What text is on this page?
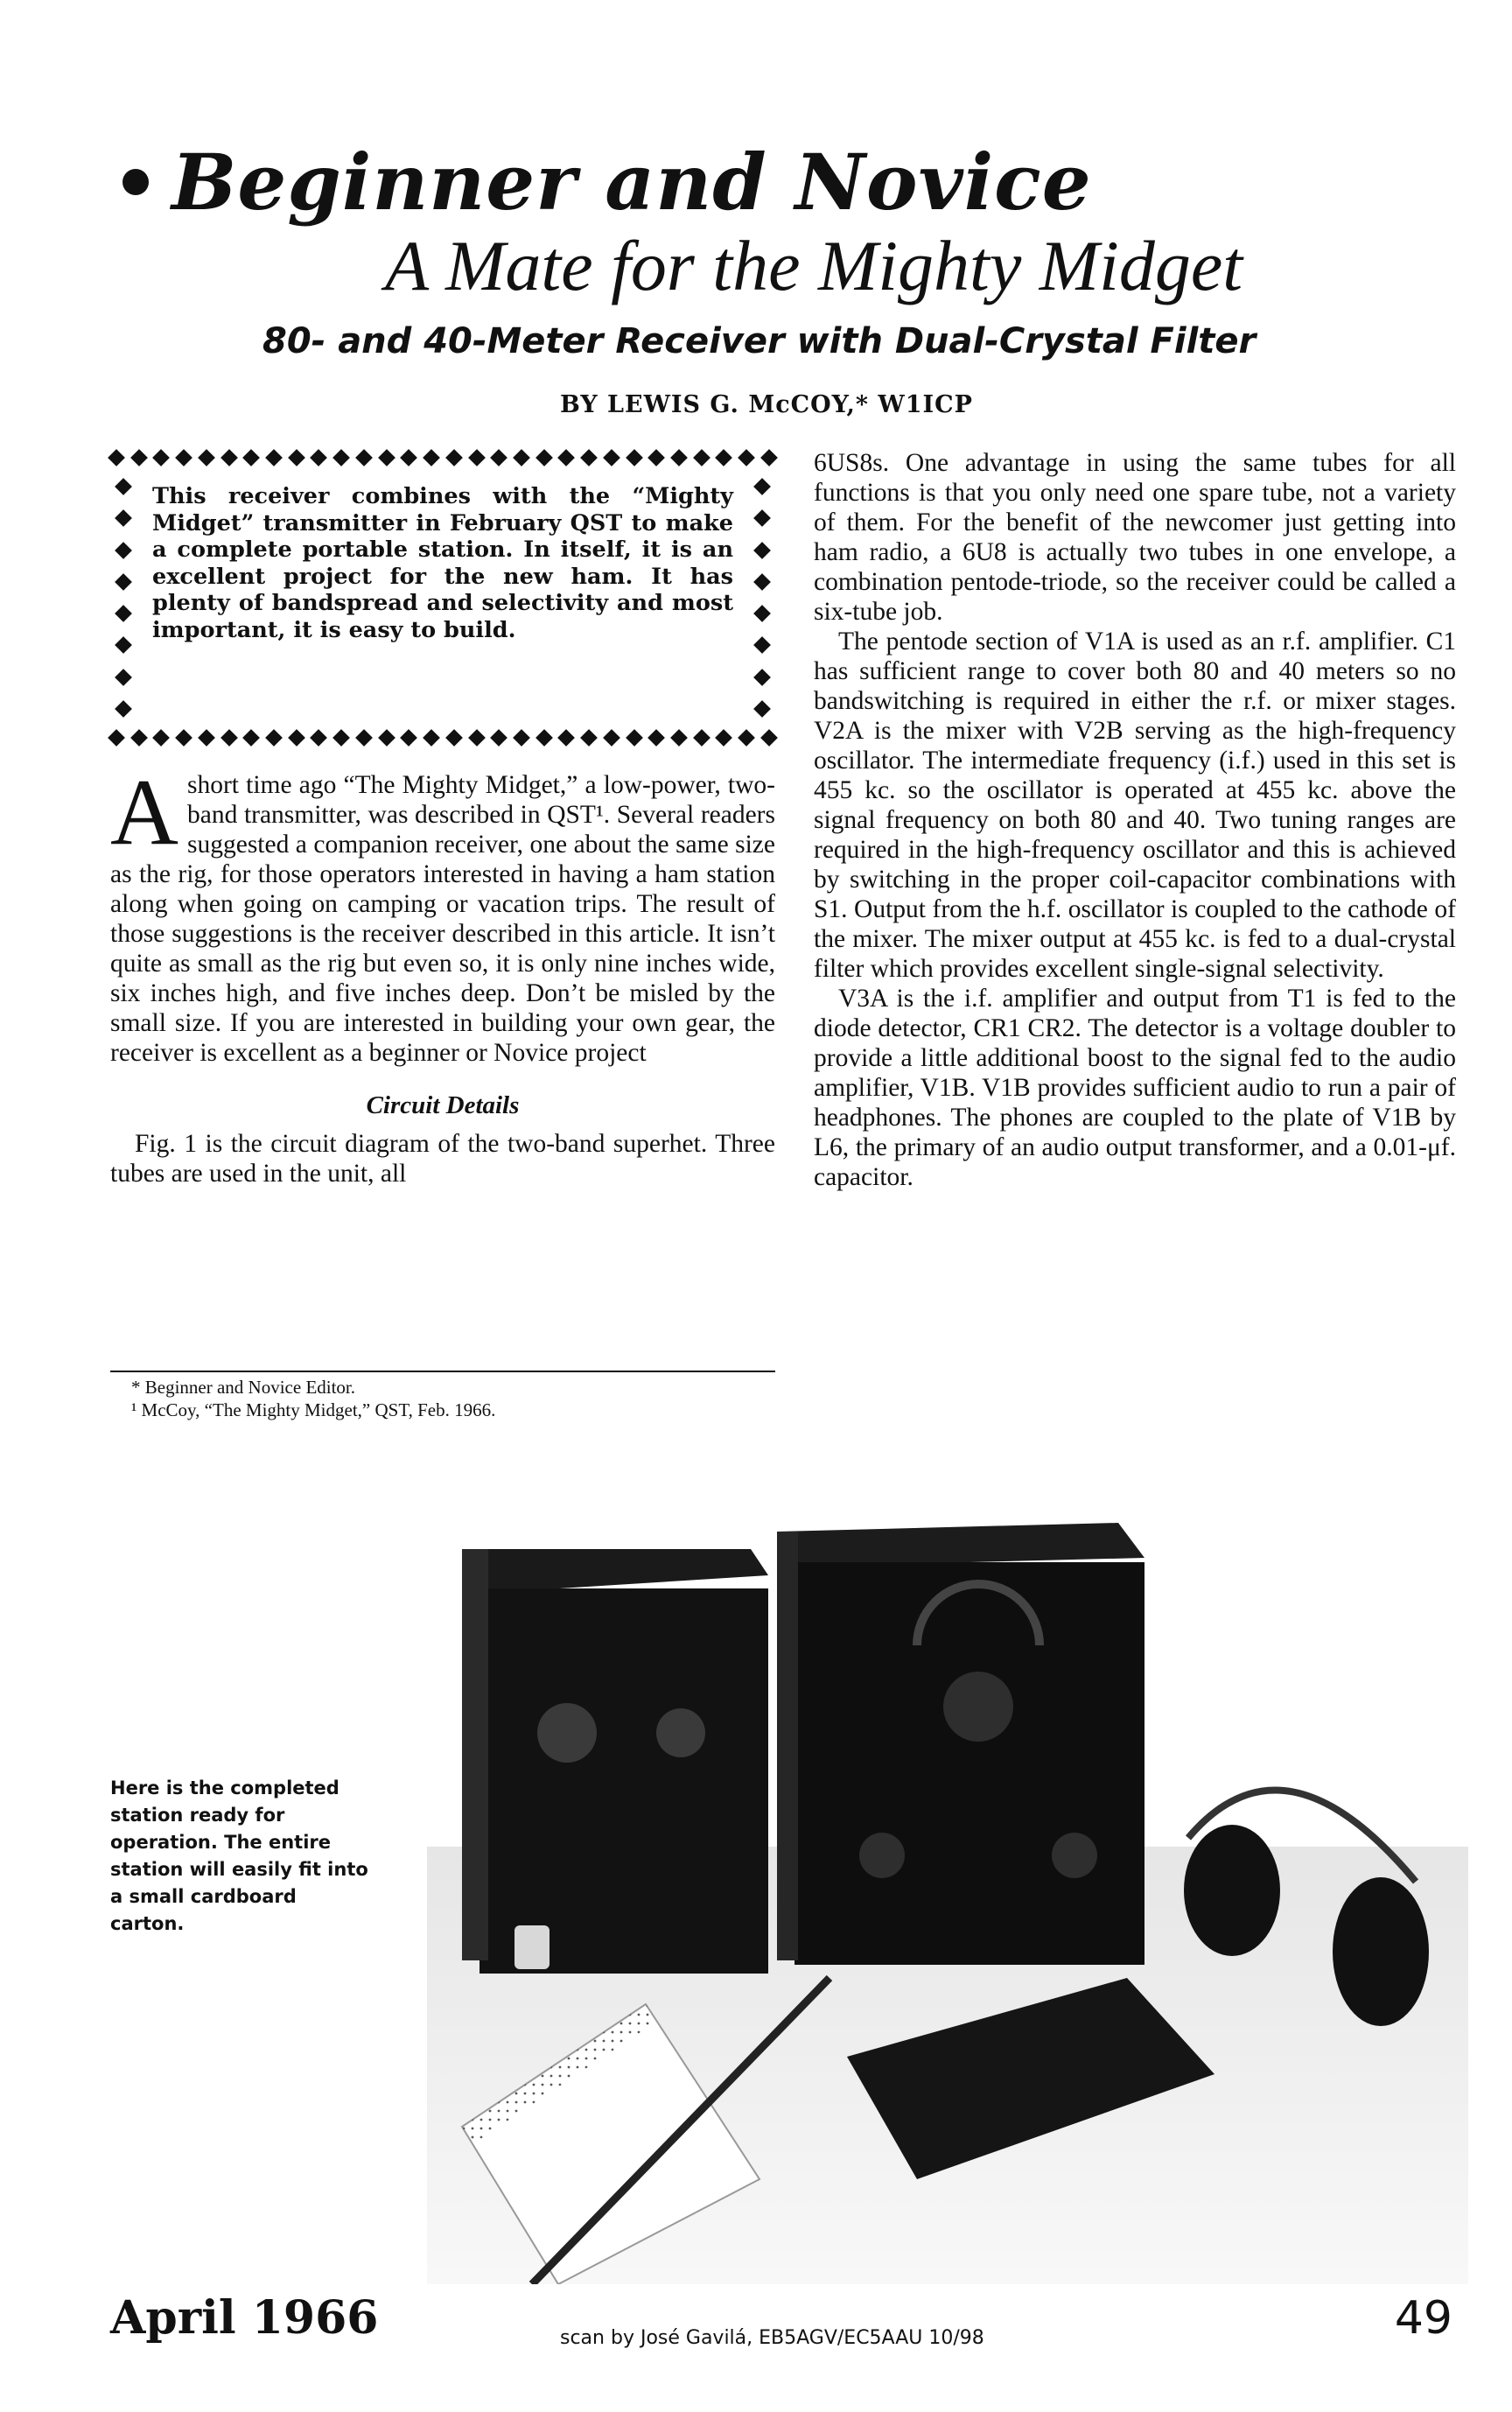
Beginner and Novice
A Mate for the Mighty Midget
80- and 40-Meter Receiver with Dual-Crystal Filter
BY LEWIS G. McCOY,* W1ICP
This receiver combines with the “Mighty Midget” transmitter in February QST to make a complete portable station. In itself, it is an excellent project for the new ham. It has plenty of bandspread and selectivity and most important, it is easy to build.

Ashort time ago “The Mighty Midget,” a low-power, two-band transmitter, was described in QST¹. Several readers suggested a companion receiver, one about the same size as the rig, for those operators interested in having a ham station along when going on camping or vacation trips. The result of those suggestions is the receiver described in this article. It isn’t quite as small as the rig but even so, it is only nine inches wide, six inches high, and five inches deep. Don’t be misled by the small size. If you are interested in building your own gear, the receiver is excellent as a beginner or Novice project

Circuit Details

Fig. 1 is the circuit diagram of the two-band superhet. Three tubes are used in the unit, all

* Beginner and Novice Editor.
¹ McCoy, “The Mighty Midget,” QST, Feb. 1966.

6US8s. One advantage in using the same tubes for all functions is that you only need one spare tube, not a variety of them. For the benefit of the newcomer just getting into ham radio, a 6U8 is actually two tubes in one envelope, a combination pentode-triode, so the receiver could be called a six-tube job.

The pentode section of V1A is used as an r.f. amplifier. C1 has sufficient range to cover both 80 and 40 meters so no bandswitching is required in either the r.f. or mixer stages. V2A is the mixer with V2B serving as the high-frequency oscillator. The intermediate frequency (i.f.) used in this set is 455 kc. so the oscillator is operated at 455 kc. above the signal frequency on both 80 and 40. Two tuning ranges are required in the high-frequency oscillator and this is achieved by switching in the proper coil-capacitor combinations with S1. Output from the h.f. oscillator is coupled to the cathode of the mixer. The mixer output at 455 kc. is fed to a dual-crystal filter which provides excellent single-signal selectivity.

V3A is the i.f. amplifier and output from T1 is fed to the diode detector, CR1 CR2. The detector is a voltage doubler to provide a little additional boost to the signal fed to the audio amplifier, V1B. V1B provides sufficient audio to run a pair of headphones. The phones are coupled to the plate of V1B by L6, the primary of an audio output transformer, and a 0.01-μf. capacitor.

Here is the completed station ready for operation. The entire station will easily fit into a small cardboard carton.
April 1966	scan by José Gavilá, EB5AGV/EC5AAU 10/98	49
